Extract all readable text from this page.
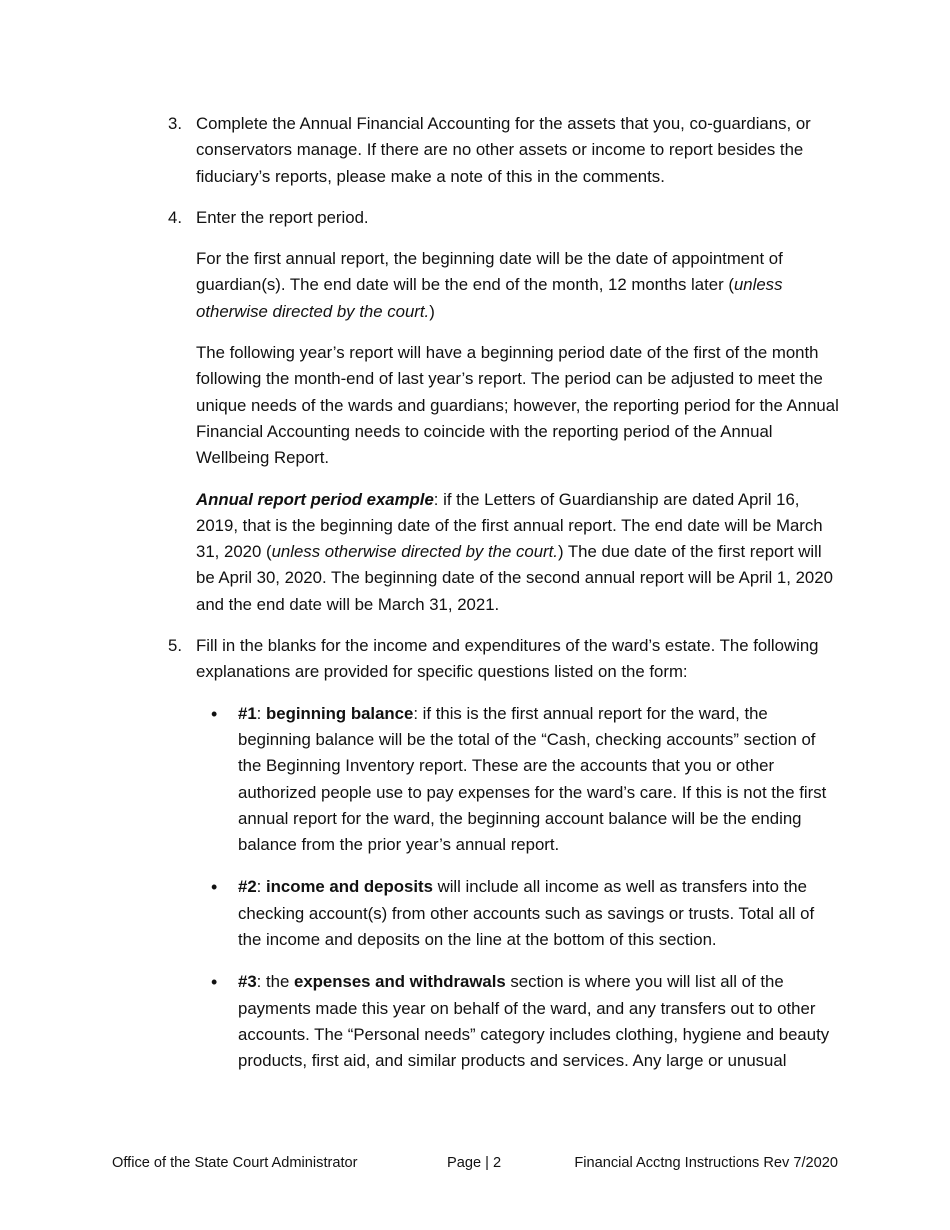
3. Complete the Annual Financial Accounting for the assets that you, co-guardians, or conservators manage. If there are no other assets or income to report besides the fiduciary’s reports, please make a note of this in the comments.
4. Enter the report period.

For the first annual report, the beginning date will be the date of appointment of guardian(s). The end date will be the end of the month, 12 months later (unless otherwise directed by the court.)

The following year’s report will have a beginning period date of the first of the month following the month-end of last year’s report. The period can be adjusted to meet the unique needs of the wards and guardians; however, the reporting period for the Annual Financial Accounting needs to coincide with the reporting period of the Annual Wellbeing Report.

Annual report period example: if the Letters of Guardianship are dated April 16, 2019, that is the beginning date of the first annual report. The end date will be March 31, 2020 (unless otherwise directed by the court.) The due date of the first report will be April 30, 2020. The beginning date of the second annual report will be April 1, 2020 and the end date will be March 31, 2021.

5. Fill in the blanks for the income and expenditures of the ward’s estate. The following explanations are provided for specific questions listed on the form:

• #1: beginning balance: if this is the first annual report for the ward, the beginning balance will be the total of the “Cash, checking accounts” section of the Beginning Inventory report. These are the accounts that you or other authorized people use to pay expenses for the ward’s care. If this is not the first annual report for the ward, the beginning account balance will be the ending balance from the prior year’s annual report.
• #2: income and deposits will include all income as well as transfers into the checking account(s) from other accounts such as savings or trusts. Total all of the income and deposits on the line at the bottom of this section.
• #3: the expenses and withdrawals section is where you will list all of the payments made this year on behalf of the ward, and any transfers out to other accounts. The “Personal needs” category includes clothing, hygiene and beauty products, first aid, and similar products and services. Any large or unusual
Office of the State Court Administrator	Page | 2	Financial Acctng Instructions Rev 7/2020
